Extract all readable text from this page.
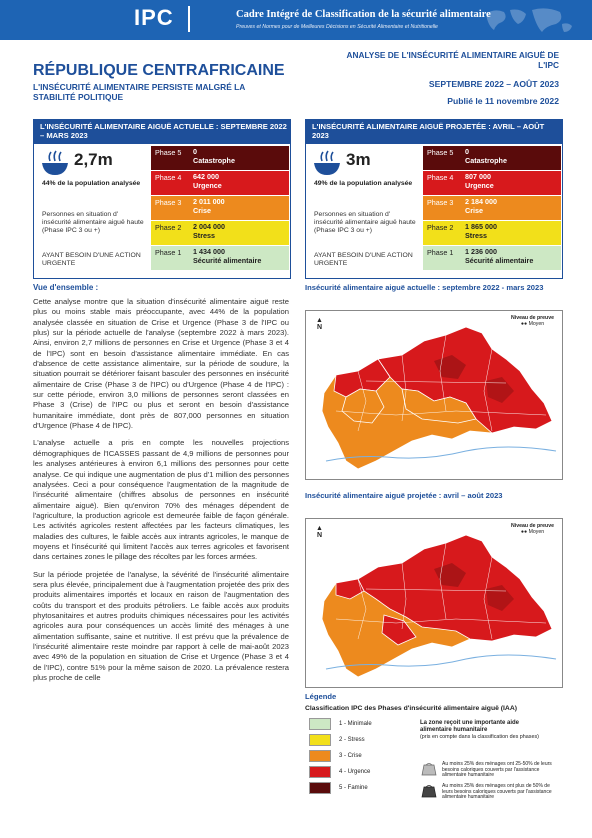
IPC	Cadre Intégré de Classification de la sécurité alimentaire
Preuves et Normes pour de Meilleures Décisions en Sécurité Alimentaire et Nutritionelle
RÉPUBLIQUE CENTRAFRICAINE
L'INSÉCURITÉ ALIMENTAIRE PERSISTE MALGRÉ LA STABILITÉ POLITIQUE
ANALYSE DE L'INSÉCURITÉ ALIMENTAIRE AIGUË DE L'IPC
SEPTEMBRE 2022 – AOÛT 2023
Publié le 11 novembre 2022
L'INSÉCURITÉ ALIMENTAIRE AIGUË ACTUELLE : SEPTEMBRE 2022 – MARS 2023
2,7m
44% de la population analysée
Personnes en situation d' insécurité alimentaire aiguë haute (Phase IPC 3 ou +)
AYANT BESOIN D'UNE ACTION URGENTE
Phase 5	0
Catastrophe
Phase 4	642 000
Urgence
Phase 3	2 011 000
Crise
Phase 2	2 004 000
Stress
Phase 1	1 434 000
Sécurité alimentaire
L'INSÉCURITÉ ALIMENTAIRE AIGUË PROJETÉE : AVRIL – AOÛT 2023
3m
49% de la population analysée
Personnes en situation d' insécurité alimentaire aiguë haute (Phase IPC 3 ou +)
AYANT BESOIN D'UNE ACTION URGENTE
Phase 5	0
Catastrophe
Phase 4	807 000
Urgence
Phase 3	2 184 000
Crise
Phase 2	1 865 000
Stress
Phase 1	1 236 000
Sécurité alimentaire
Vue d'ensemble :

Cette analyse montre que la situation d'insécurité alimentaire aiguë reste plus ou moins stable mais préoccupante, avec 44% de la population analysée classée en situation de Crise et Urgence (Phase 3 de l'IPC ou plus) sur la période actuelle de l'analyse (septembre 2022 à mars 2023). Ainsi, environ 2,7 millions de personnes en Crise et Urgence (Phase 3 et 4 de l'IPC) sont en besoin d'assistance alimentaire immédiate. En cas d'absence de cette assistance alimentaire, sur la période de soudure, la situation pourrait se détériorer faisant basculer des personnes en insécurité alimentaire de Crise (Phase 3 de l'IPC) ou d'Urgence (Phase 4 de l'IPC) : sur cette période, environ 3,0 millions de personnes seront classées en Phase 3 (Crise) de l'IPC ou plus et seront en besoin d'assistance humanitaire immédiate, dont près de 807,000 personnes en situation d'Urgence (Phase 4 de l'IPC).

L'analyse actuelle a pris en compte les nouvelles projections démographiques de l'ICASSES passant de 4,9 millions de personnes pour les analyses antérieures à environ 6,1 millions des personnes pour cette analyse. Ce qui indique une augmentation de plus d'1 million des personnes analysées. Ceci a pour conséquence l'augmentation de la magnitude de l'insécurité alimentaire (chiffres absolus de personnes en insécurité alimentaire aiguë). Bien qu'environ 70% des ménages dépendent de l'agriculture, la production agricole est demeurée faible de façon générale. Les activités agricoles restent affectées par les facteurs climatiques, les maladies des cultures, le faible accès aux intrants agricoles, le manque de moyens et l'insécurité qui limitent l'accès aux terres agricoles et favorisent dans certaines zones le pillage des récoltes par les forces armées.

Sur la période projetée de l'analyse, la sévérité de l'insécurité alimentaire sera plus élevée, principalement due à l'augmentation projetée des prix des produits alimentaires importés et locaux en raison de l'augmentation des coûts du transport et des produits pétroliers. Le faible accès aux produits phytosanitaires et autres produits chimiques nécessaires pour les activités agricoles aura pour conséquences un accès limité des ménages à une alimentation suffisante, saine et nutritive. Il est prévu que la prévalence de l'insécurité alimentaire reste moindre par rapport à celle de mai-août 2023 avec 49% de la population en situation de Crise et Urgence (Phase 3 et 4 de l'IPC), contre 51% pour la même saison de 2020. La prévalence restera plus proche de celle

Insécurité alimentaire aiguë actuelle : septembre 2022 - mars 2023
▲
N
Niveau de preuve
●● Moyen
Insécurité alimentaire aiguë projetée : avril – août 2023
▲
N
Niveau de preuve
●● Moyen
Légende
Classification IPC des Phases d'insécurité alimentaire aiguë (IAA)
1 - Minimale
2 - Stress
3 - Crise
4 - Urgence
5 - Famine
La zone reçoit une importante aide alimentaire humanitaire
(pris en compte dans la classification des phases)
Au moins 25% des ménages ont 25-50% de leurs besoins caloriques couverts par l'assistance alimentaire humanitaire
Au moins 25% des ménages ont plus de 50% de leurs besoins caloriques couverts par l'assistance alimentaire humanitaire
